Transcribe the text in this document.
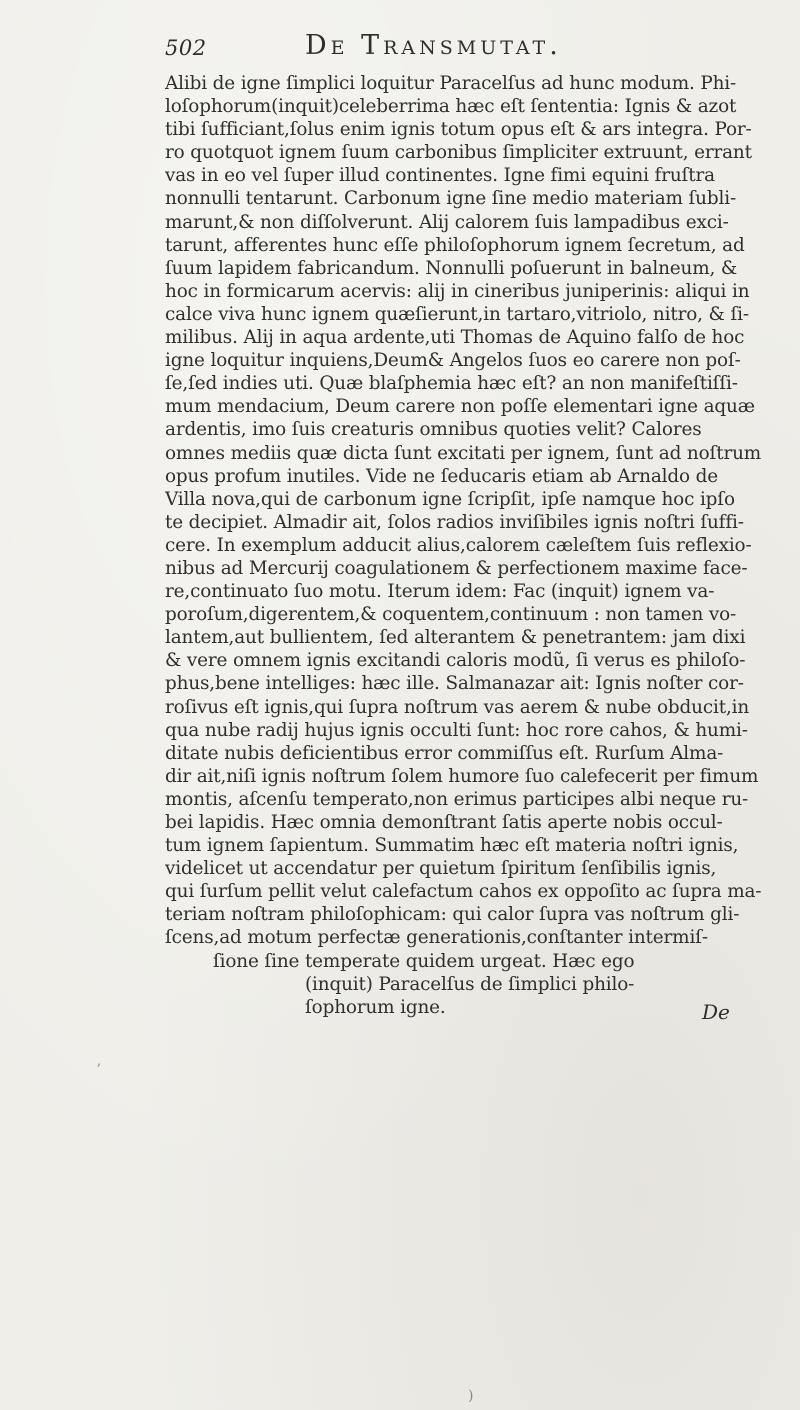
502	De Transmutat.
Alibi de igne ſimplici loquitur Paracelſus ad hunc modum. Phi-
loſophorum(inquit)celeberrima hæc eſt ſententia: Ignis & azot
tibi ſufficiant,ſolus enim ignis totum opus eſt & ars integra. Por-
ro quotquot ignem ſuum carbonibus ſimpliciter extruunt, errant
vas in eo vel ſuper illud continentes. Igne fimi equini fruſtra
nonnulli tentarunt. Carbonum igne ſine medio materiam ſubli-
marunt,& non diſſolverunt. Alij calorem ſuis lampadibus exci-
tarunt, afferentes hunc eſſe philoſophorum ignem ſecretum, ad
ſuum lapidem fabricandum. Nonnulli poſuerunt in balneum, &
hoc in formicarum acervis: alij in cineribus juniperinis: aliqui in
calce viva hunc ignem quæſierunt,in tartaro,vitriolo, nitro, & ſi-
milibus. Alij in aqua ardente,uti Thomas de Aquino falſo de hoc
igne loquitur inquiens,Deum& Angelos ſuos eo carere non poſ-
ſe,ſed indies uti. Quæ blaſphemia hæc eſt? an non manifeſtiſſi-
mum mendacium, Deum carere non poſſe elementari igne aquæ
ardentis, imo ſuis creaturis omnibus quoties velit? Calores
omnes mediis quæ dicta ſunt excitati per ignem, ſunt ad noſtrum
opus profum inutiles. Vide ne ſeducaris etiam ab Arnaldo de
Villa nova,qui de carbonum igne ſcripſit, ipſe namque hoc ipſo
te decipiet. Almadir ait, ſolos radios inviſibiles ignis noſtri ſuffi-
cere. In exemplum adducit alius,calorem cæleſtem ſuis reflexio-
nibus ad Mercurij coagulationem & perfectionem maxime face-
re,continuato ſuo motu. Iterum idem: Fac (inquit) ignem va-
poroſum,digerentem,& coquentem,continuum : non tamen vo-
lantem,aut bullientem, ſed alterantem & penetrantem: jam dixi
& vere omnem ignis excitandi caloris modũ, ſi verus es philoſo-
phus,bene intelliges: hæc ille. Salmanazar ait: Ignis noſter cor-
roſivus eſt ignis,qui ſupra noſtrum vas aerem & nube obducit,in
qua nube radij hujus ignis occulti ſunt: hoc rore cahos, & humi-
ditate nubis deficientibus error commiſſus eſt. Rurſum Alma-
dir ait,niſi ignis noſtrum ſolem humore ſuo calefecerit per fimum
montis, aſcenſu temperato,non erimus participes albi neque ru-
bei lapidis. Hæc omnia demonſtrant ſatis aperte nobis occul-
tum ignem ſapientum. Summatim hæc eſt materia noſtri ignis,
videlicet ut accendatur per quietum ſpiritum ſenſibilis ignis,
qui ſurſum pellit velut calefactum cahos ex oppoſito ac ſupra ma-
teriam noſtram philoſophicam: qui calor ſupra vas noſtrum gli-
ſcens,ad motum perfectæ generationis,conſtanter intermiſ-
ſione ſine temperate quidem urgeat. Hæc ego
(inquit) Paracelſus de ſimplici philo-
ſophorum igne.	De
ʼ
)
